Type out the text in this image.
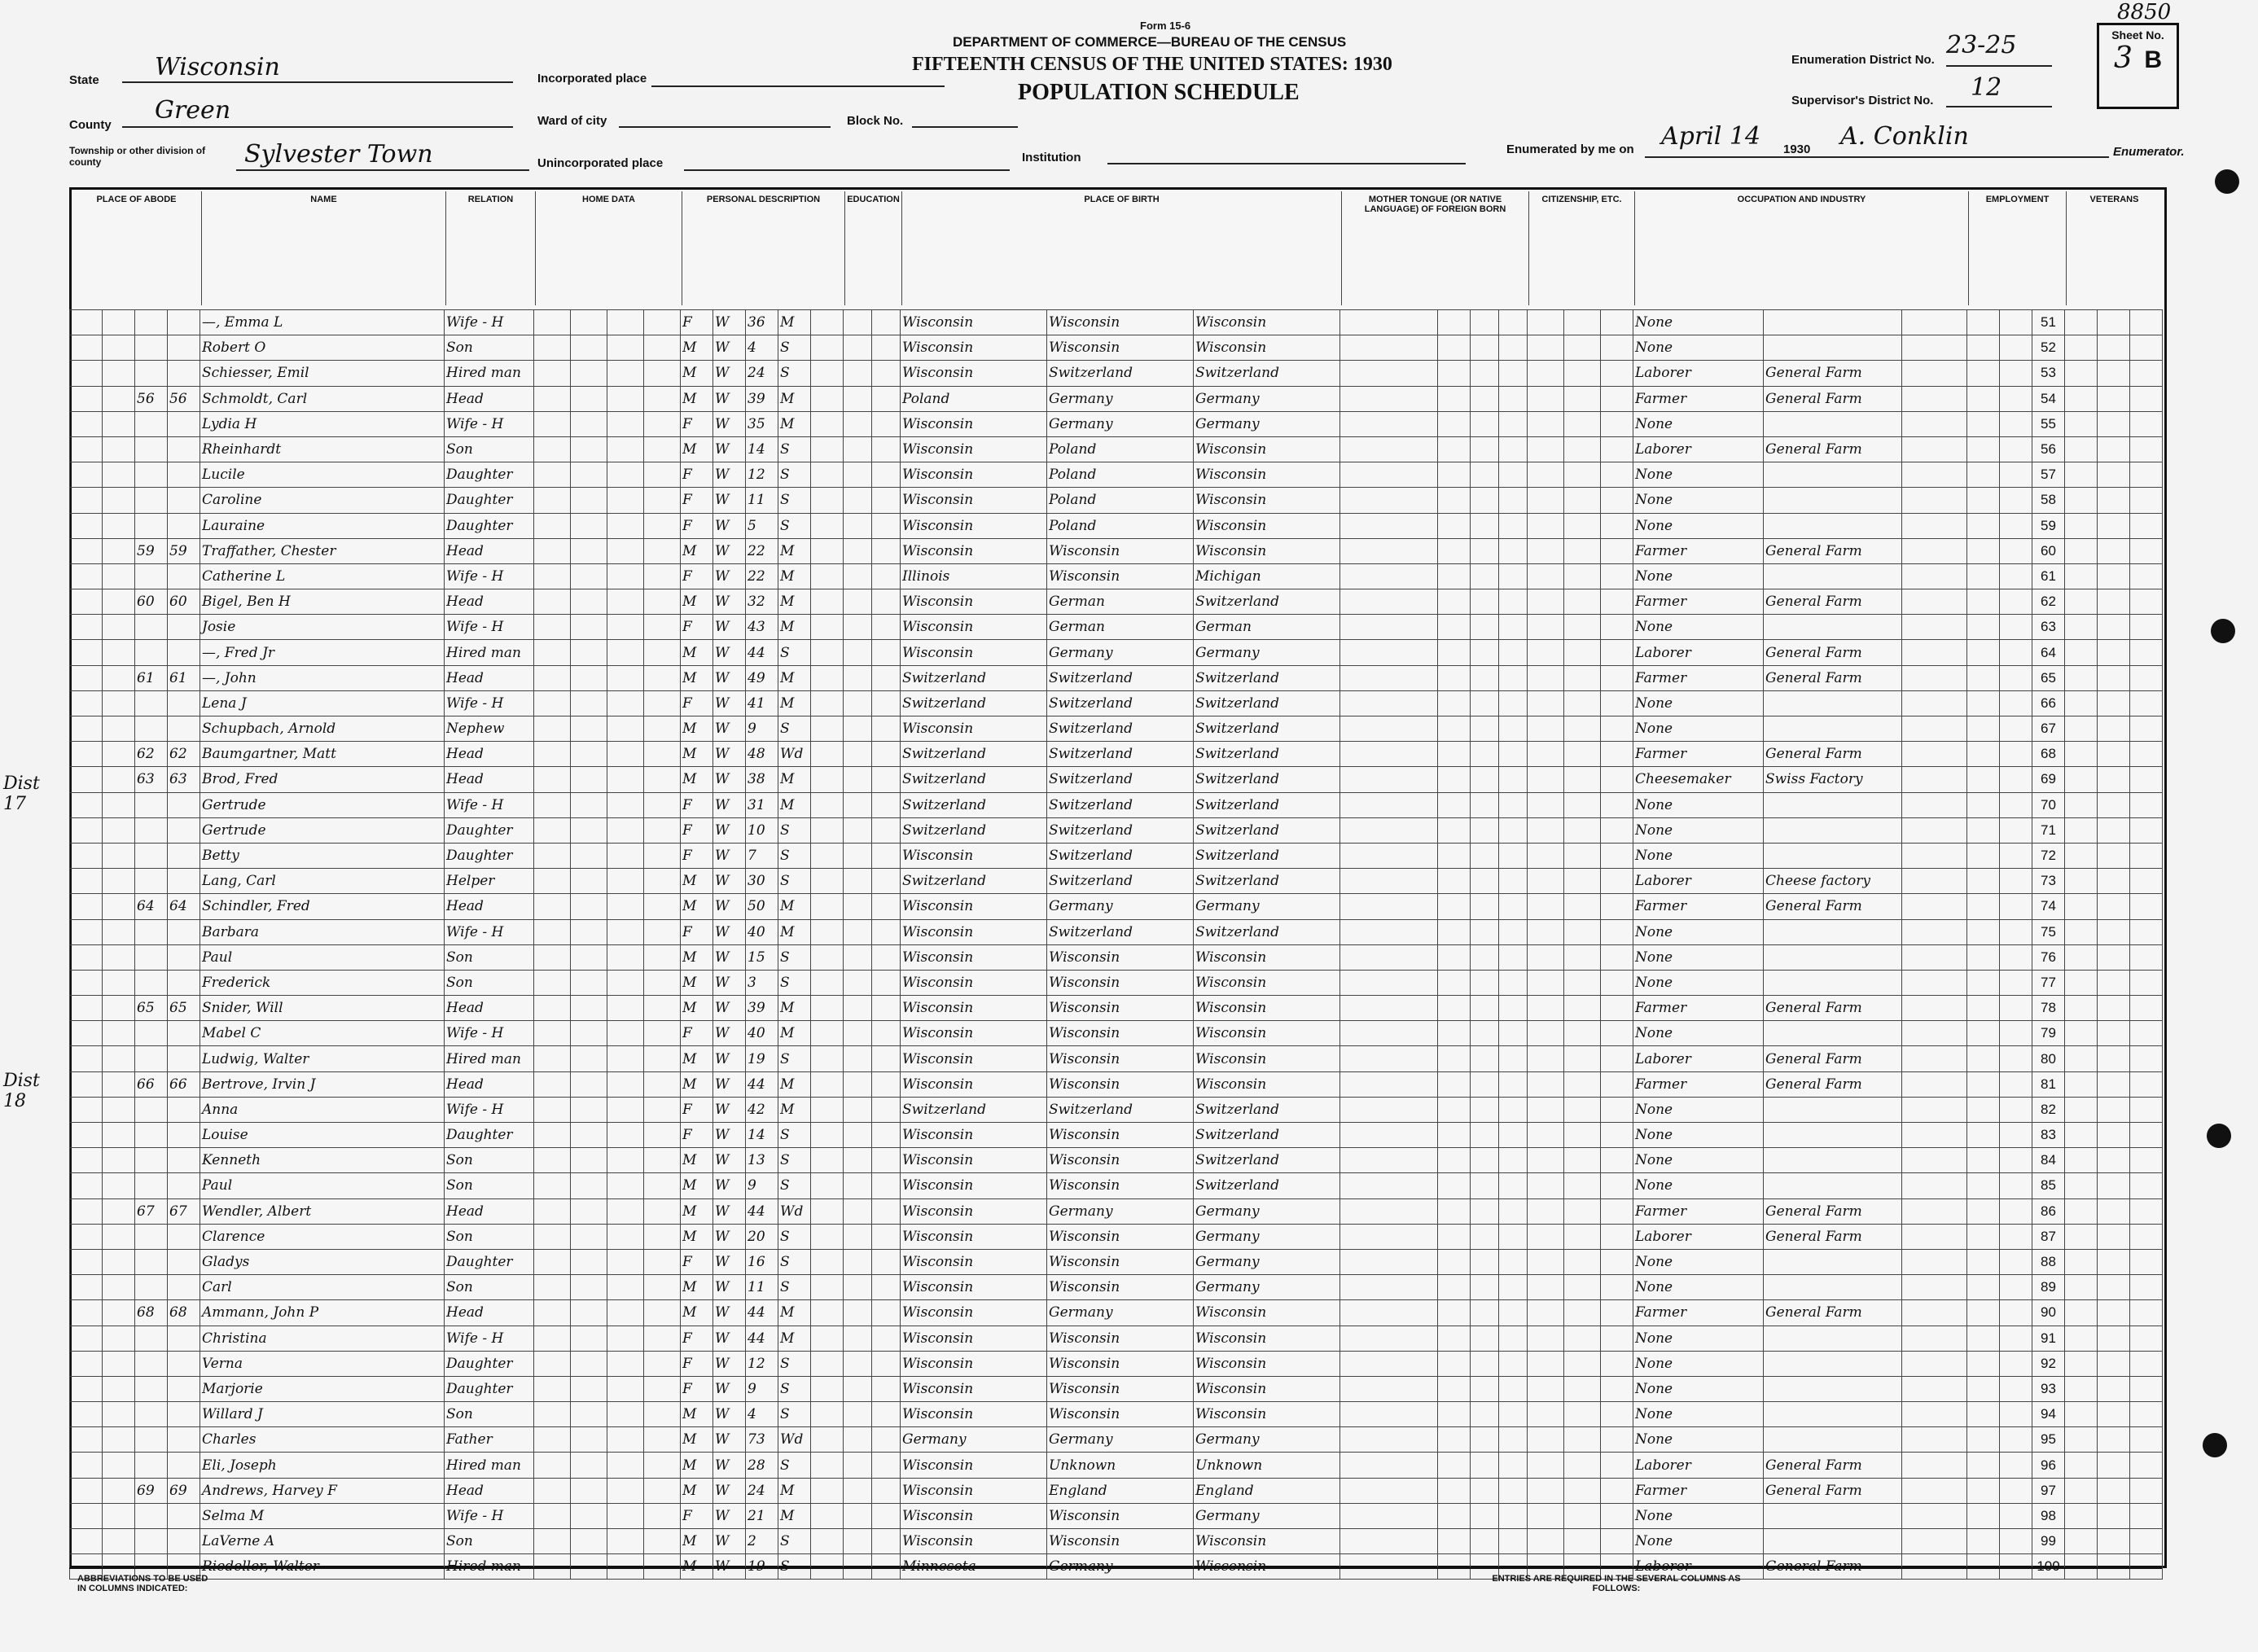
Form 15-6
DEPARTMENT OF COMMERCE—BUREAU OF THE CENSUS
FIFTEENTH CENSUS OF THE UNITED STATES: 1930
POPULATION SCHEDULE
State Wisconsin
County
Green
Township or other division of county	Sylvester Town
Incorporated place
Ward of city	Block No.
Unincorporated place	Institution
Enumeration District No.
23-25
Supervisor's District No. 12
Enumerated by me on April 14 1930 A. Conklin
Enumerator.
Sheet No.
3 B
8850
PLACE OF ABODE	NAME	RELATION	HOME DATA	PERSONAL DESCRIPTION	EDUCATION	PLACE OF BIRTH	MOTHER TONGUE (OR NATIVE LANGUAGE) OF FOREIGN BORN
CITIZENSHIP, ETC.	OCCUPATION AND INDUSTRY	EMPLOYMENT	VETERANS
				—, Emma L	Wife - H					F	W	36	M				Wisconsin	Wisconsin	Wisconsin								None					51			
				Robert O	Son					M	W	4	S				Wisconsin	Wisconsin	Wisconsin								None					52			
				Schiesser, Emil	Hired man					M	W	24	S				Wisconsin	Switzerland	Switzerland								Laborer	General Farm				53			
		56	56	Schmoldt, Carl	Head					M	W	39	M				Poland	Germany	Germany								Farmer	General Farm				54			
				Lydia H	Wife - H					F	W	35	M				Wisconsin	Germany	Germany								None					55			
				Rheinhardt	Son					M	W	14	S				Wisconsin	Poland	Wisconsin								Laborer	General Farm				56			
				Lucile	Daughter					F	W	12	S				Wisconsin	Poland	Wisconsin								None					57			
				Caroline	Daughter					F	W	11	S				Wisconsin	Poland	Wisconsin								None					58			
				Lauraine	Daughter					F	W	5	S				Wisconsin	Poland	Wisconsin								None					59			
		59	59	Traffather, Chester	Head					M	W	22	M				Wisconsin	Wisconsin	Wisconsin								Farmer	General Farm				60			
				Catherine L	Wife - H					F	W	22	M				Illinois	Wisconsin	Michigan								None					61			
		60	60	Bigel, Ben H	Head					M	W	32	M				Wisconsin	German	Switzerland								Farmer	General Farm				62			
				Josie	Wife - H					F	W	43	M				Wisconsin	German	German								None					63			
				—, Fred Jr	Hired man					M	W	44	S				Wisconsin	Germany	Germany								Laborer	General Farm				64			
		61	61	—, John	Head					M	W	49	M				Switzerland	Switzerland	Switzerland								Farmer	General Farm				65			
				Lena J	Wife - H					F	W	41	M				Switzerland	Switzerland	Switzerland								None					66			
				Schupbach, Arnold	Nephew					M	W	9	S				Wisconsin	Switzerland	Switzerland								None					67			
		62	62	Baumgartner, Matt	Head					M	W	48	Wd				Switzerland	Switzerland	Switzerland								Farmer	General Farm				68			
		63	63	Brod, Fred	Head					M	W	38	M				Switzerland	Switzerland	Switzerland								Cheesemaker	Swiss Factory				69			
				Gertrude	Wife - H					F	W	31	M				Switzerland	Switzerland	Switzerland								None					70			
				Gertrude	Daughter					F	W	10	S				Switzerland	Switzerland	Switzerland								None					71			
				Betty	Daughter					F	W	7	S				Wisconsin	Switzerland	Switzerland								None					72			
				Lang, Carl	Helper					M	W	30	S				Switzerland	Switzerland	Switzerland								Laborer	Cheese factory				73			
		64	64	Schindler, Fred	Head					M	W	50	M				Wisconsin	Germany	Germany								Farmer	General Farm				74			
				Barbara	Wife - H					F	W	40	M				Wisconsin	Switzerland	Switzerland								None					75			
				Paul	Son					M	W	15	S				Wisconsin	Wisconsin	Wisconsin								None					76			
				Frederick	Son					M	W	3	S				Wisconsin	Wisconsin	Wisconsin								None					77			
		65	65	Snider, Will	Head					M	W	39	M				Wisconsin	Wisconsin	Wisconsin								Farmer	General Farm				78			
				Mabel C	Wife - H					F	W	40	M				Wisconsin	Wisconsin	Wisconsin								None					79			
				Ludwig, Walter	Hired man					M	W	19	S				Wisconsin	Wisconsin	Wisconsin								Laborer	General Farm				80			
		66	66	Bertrove, Irvin J	Head					M	W	44	M				Wisconsin	Wisconsin	Wisconsin								Farmer	General Farm				81			
				Anna	Wife - H					F	W	42	M				Switzerland	Switzerland	Switzerland								None					82			
				Louise	Daughter					F	W	14	S				Wisconsin	Wisconsin	Switzerland								None					83			
				Kenneth	Son					M	W	13	S				Wisconsin	Wisconsin	Switzerland								None					84			
				Paul	Son					M	W	9	S				Wisconsin	Wisconsin	Switzerland								None					85			
		67	67	Wendler, Albert	Head					M	W	44	Wd				Wisconsin	Germany	Germany								Farmer	General Farm				86			
				Clarence	Son					M	W	20	S				Wisconsin	Wisconsin	Germany								Laborer	General Farm				87			
				Gladys	Daughter					F	W	16	S				Wisconsin	Wisconsin	Germany								None					88			
				Carl	Son					M	W	11	S				Wisconsin	Wisconsin	Germany								None					89			
		68	68	Ammann, John P	Head					M	W	44	M				Wisconsin	Germany	Wisconsin								Farmer	General Farm				90			
				Christina	Wife - H					F	W	44	M				Wisconsin	Wisconsin	Wisconsin								None					91			
				Verna	Daughter					F	W	12	S				Wisconsin	Wisconsin	Wisconsin								None					92			
				Marjorie	Daughter					F	W	9	S				Wisconsin	Wisconsin	Wisconsin								None					93			
				Willard J	Son					M	W	4	S				Wisconsin	Wisconsin	Wisconsin								None					94			
				Charles	Father					M	W	73	Wd				Germany	Germany	Germany								None					95			
				Eli, Joseph	Hired man					M	W	28	S				Wisconsin	Unknown	Unknown								Laborer	General Farm				96			
		69	69	Andrews, Harvey F	Head					M	W	24	M				Wisconsin	England	England								Farmer	General Farm				97			
				Selma M	Wife - H					F	W	21	M				Wisconsin	Wisconsin	Germany								None					98			
				LaVerne A	Son					M	W	2	S				Wisconsin	Wisconsin	Wisconsin								None					99			
				Riedeller, Walter	Hired man					M	W	19	S				Minnesota	Germany	Wisconsin								Laborer	General Farm				100			
Dist 17
Dist 18
ABBREVIATIONS TO BE USED IN COLUMNS INDICATED:
ENTRIES ARE REQUIRED IN THE SEVERAL COLUMNS AS FOLLOWS:
